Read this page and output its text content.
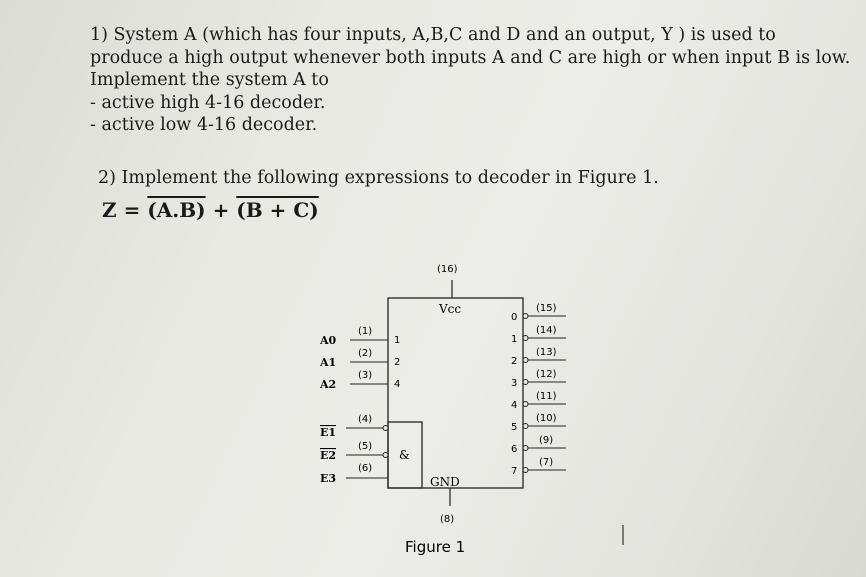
1) System A (which has four inputs, A,B,C and D and an output, Y ) is used to
produce a high output whenever both inputs A and C are high or when input B is low.
Implement the system A to
- active high 4-16 decoder.
- active low 4-16 decoder.
2) Implement the following expressions to decoder in Figure 1.
Z = (A.B) + (B + C)
(16)
Vcc
GND
(8)
A0
A1
A2
(1)
(2)
(3)
1
2
4
E1
E2
E3
(4)
(5)
(6)
&
0
1
2
3
4
5
6
7
(15)
(14)
(13)
(12)
(11)
(10)
(9)
(7)
Figure 1
